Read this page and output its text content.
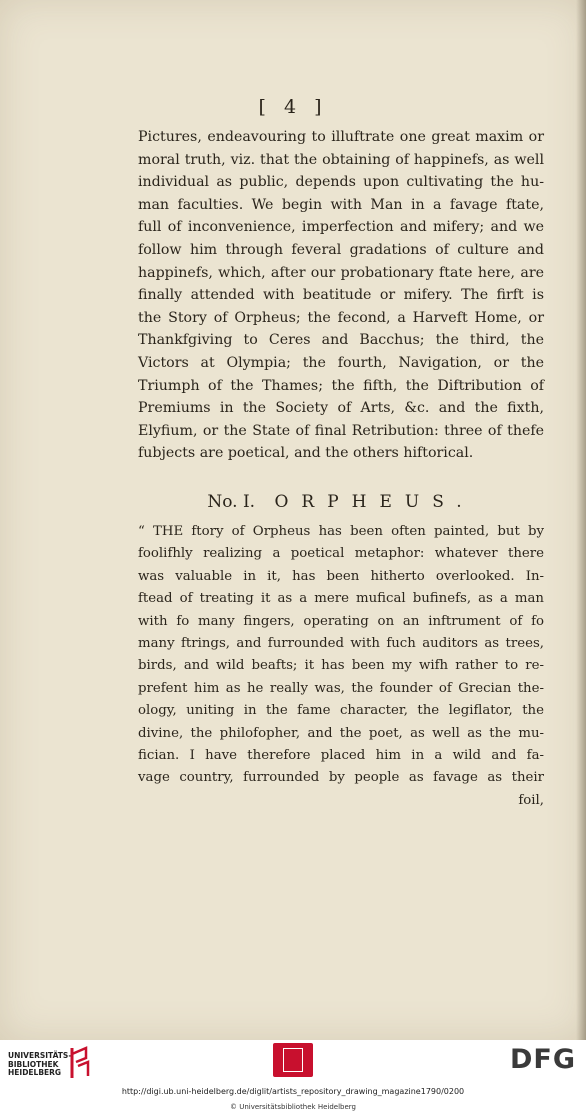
[ 4 ]
Pictures, endeavouring to illuftrate one great maxim or
moral truth, viz. that the obtaining of happinefs, as well
individual as public, depends upon cultivating the hu-
man faculties. We begin with Man in a favage ftate,
full of inconvenience, imperfection and mifery; and we
follow him through feveral gradations of culture and
happinefs, which, after our probationary ftate here, are
finally attended with beatitude or mifery. The firft is
the Story of Orpheus; the fecond, a Harveft Home, or
Thankfgiving to Ceres and Bacchus; the third, the
Victors at Olympia; the fourth, Navigation, or the
Triumph of the Thames; the fifth, the Diftribution of
Premiums in the Society of Arts, &c. and the fixth,
Elyfium, or the State of final Retribution: three of thefe
fubjects are poetical, and the others hiftorical.
No. I. ORPHEUS.
“ THE ftory of Orpheus has been often painted, but by
foolifhly realizing a poetical metaphor: whatever there
was valuable in it, has been hitherto overlooked. In-
ftead of treating it as a mere mufical bufinefs, as a man
with fo many fingers, operating on an inftrument of fo
many ftrings, and furrounded with fuch auditors as trees,
birds, and wild beafts; it has been my wifh rather to re-
prefent him as he really was, the founder of Grecian the-
ology, uniting in the fame character, the legiflator, the
divine, the philofopher, and the poet, as well as the mu-
fician. I have therefore placed him in a wild and fa-
vage country, furrounded by people as favage as their
foil,
UNIVERSITÄTS-
BIBLIOTHEK
HEIDELBERG	DFG
http://digi.ub.uni-heidelberg.de/diglit/artists_repository_drawing_magazine1790/0200
© Universitätsbibliothek Heidelberg
